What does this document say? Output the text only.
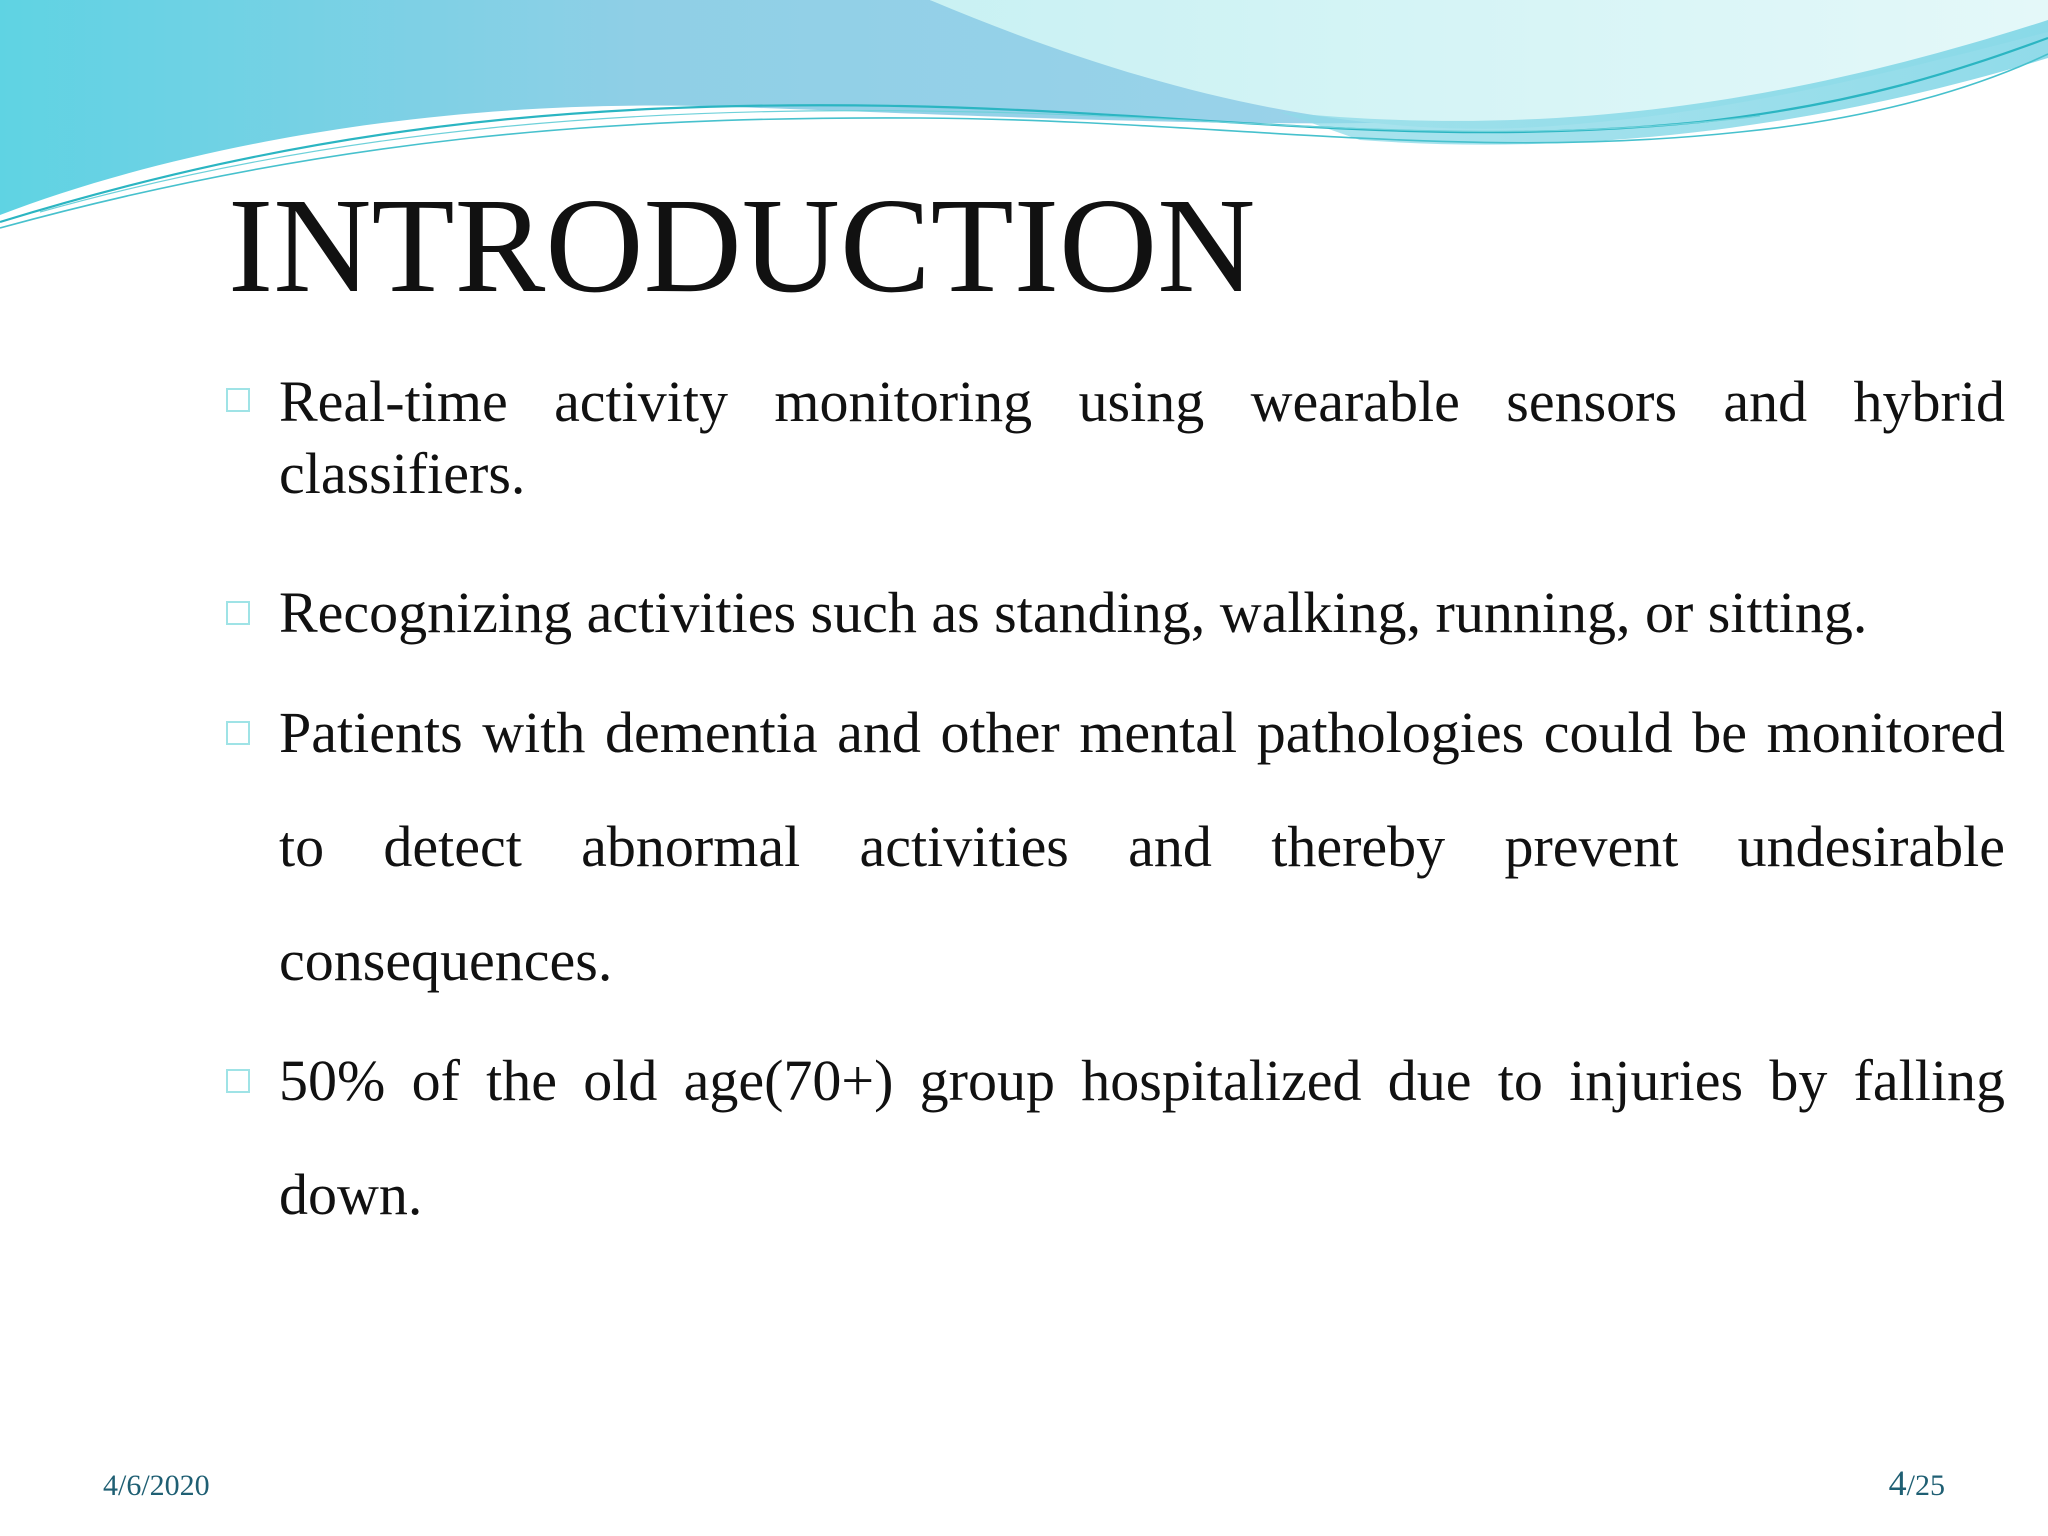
INTRODUCTION
Real-time activity monitoring using wearable sensors and hybrid classifiers.
Recognizing activities such as standing, walking, running, or sitting.
Patients with dementia and other mental pathologies could be monitored to detect abnormal activities and thereby prevent undesirable consequences.
50% of the old age(70+) group hospitalized due to injuries by falling down.
4/6/2020	4/25
